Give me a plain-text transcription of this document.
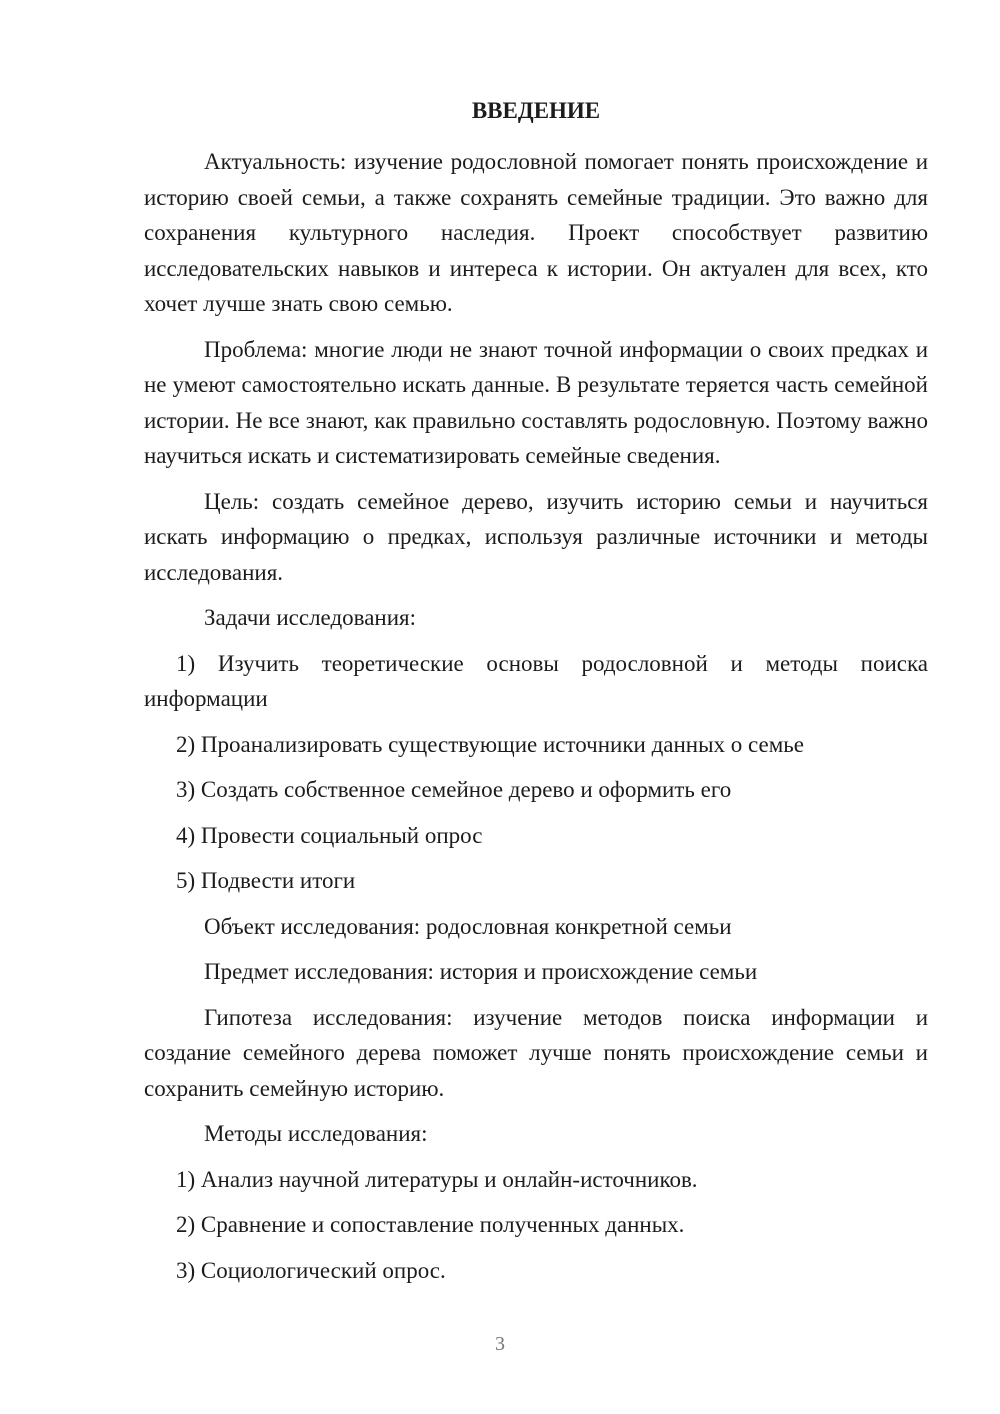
ВВЕДЕНИЕ

Актуальность: изучение родословной помогает понять происхождение и историю своей семьи, а также сохранять семейные традиции. Это важно для сохранения культурного наследия. Проект способствует развитию исследовательских навыков и интереса к истории. Он актуален для всех, кто хочет лучше знать свою семью.

Проблема: многие люди не знают точной информации о своих предках и не умеют самостоятельно искать данные. В результате теряется часть семейной истории. Не все знают, как правильно составлять родословную. Поэтому важно научиться искать и систематизировать семейные сведения.

Цель: создать семейное дерево, изучить историю семьи и научиться искать информацию о предках, используя различные источники и методы исследования.

Задачи исследования:

1) Изучить теоретические основы родословной и методы поиска информации

2) Проанализировать существующие источники данных о семье

3) Создать собственное семейное дерево и оформить его

4) Провести социальный опрос

5) Подвести итоги

Объект исследования: родословная конкретной семьи

Предмет исследования: история и происхождение семьи

Гипотеза исследования: изучение методов поиска информации и создание семейного дерева поможет лучше понять происхождение семьи и сохранить семейную историю.

Методы исследования:

1) Анализ научной литературы и онлайн-источников.

2) Сравнение и сопоставление полученных данных.

3) Социологический опрос.

3
